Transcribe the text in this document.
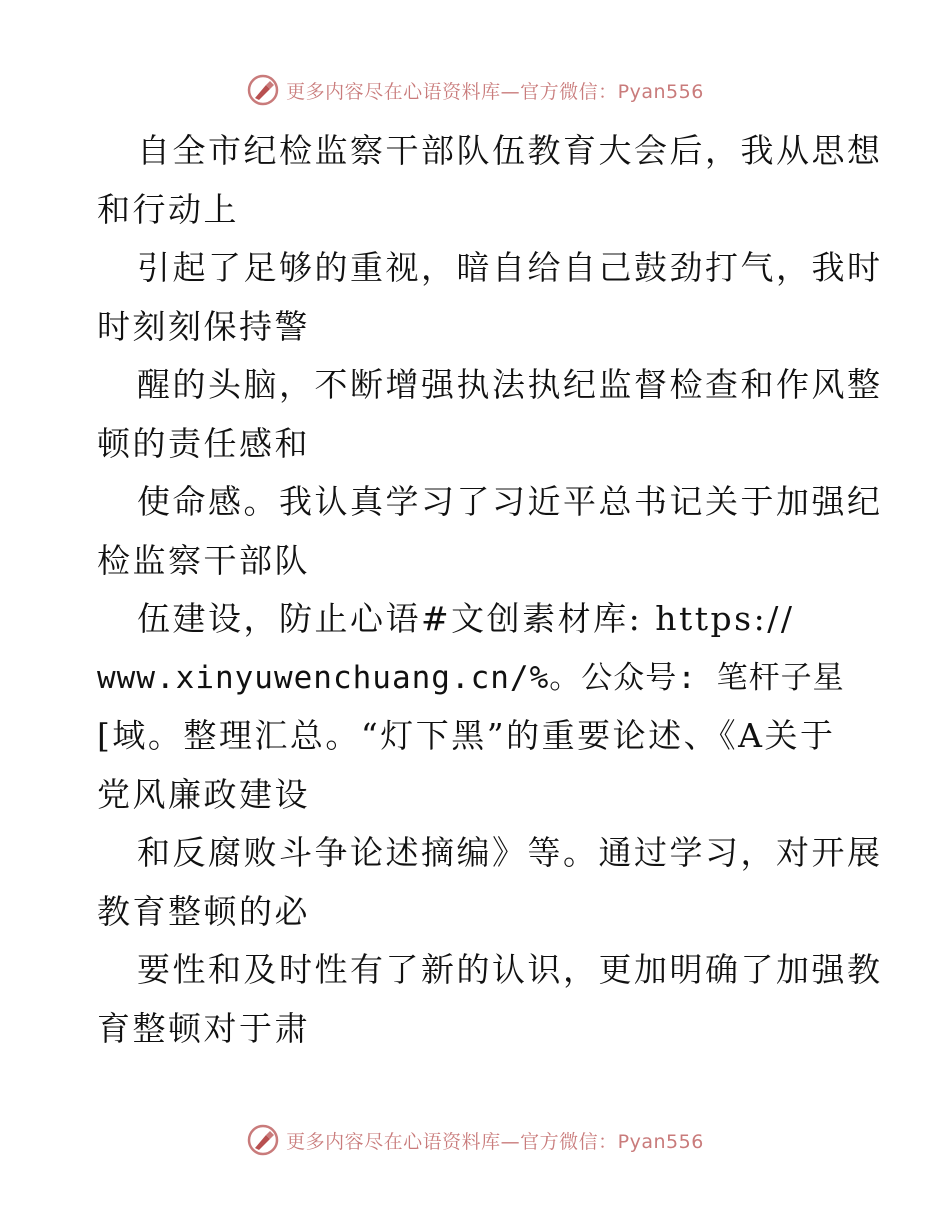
更多内容尽在心语资料库—官方微信：Pyan556
自全市纪检监察干部队伍教育大会后，我从思想
和行动上
引起了足够的重视，暗自给自己鼓劲打气，我时
时刻刻保持警
醒的头脑，不断增强执法执纪监督检查和作风整
顿的责任感和
使命感。我认真学习了习近平总书记关于加强纪
检监察干部队
伍建设，防止心语#文创素材库: https://
www.xinyuwenchuang.cn/%。公众号: 笔杆子星
[域。整理汇总。“灯下黑”的重要论述、《A关于
党风廉政建设
和反腐败斗争论述摘编》等。通过学习，对开展
教育整顿的必
要性和及时性有了新的认识，更加明确了加强教
育整顿对于肃
更多内容尽在心语资料库—官方微信：Pyan556
